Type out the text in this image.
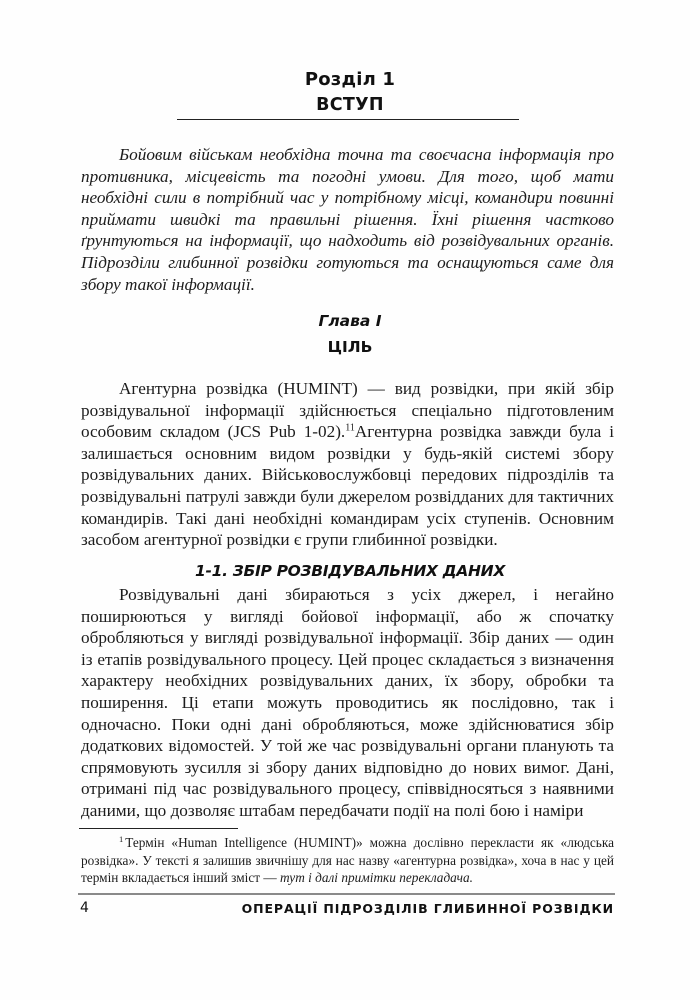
Розділ 1
ВСТУП

Бойовим військам необхідна точна та своєчасна інформація про противника, місцевість та погодні умови. Для того, щоб мати необхідні сили в потрібний час у потрібному місці, командири повинні приймати швидкі та правильні рішення. Їхні рішення частково ґрунтуються на інформації, що надходить від розвідувальних органів. Підрозділи глибинної розвідки готуються та оснащуються саме для збору такої інформації.

Глава I
ЦІЛЬ

Агентурна розвідка (HUMINT) — вид розвідки, при якій збір розвідувальної інформації здійснюється спеціально підготовленим особовим складом (JCS Pub 1-02).$^{11}$Агентурна розвідка завжди була і залишається основним видом розвідки у будь-якій системі збору розвідувальних даних. Військовослужбовці передових підрозділів та розвідувальні патрулі завжди були джерелом розвідданих для тактичних командирів. Такі дані необхідні командирам усіх ступенів. Основним засобом агентурної розвідки є групи глибинної розвідки.

1-1. ЗБІР РОЗВІДУВАЛЬНИХ ДАНИХ

Розвідувальні дані збираються з усіх джерел, і негайно поширюються у вигляді бойової інформації, або ж спочатку обробляються у вигляді розвідувальної інформації. Збір даних — один із етапів розвідувального процесу. Цей процес складається з визначення характеру необхідних розвідувальних даних, їх збору, обробки та поширення. Ці етапи можуть проводитись як послідовно, так і одночасно. Поки одні дані обробляються, може здійснюватися збір додаткових відомостей. У той же час розвідувальні органи планують та спрямовують зусилля зі збору даних відповідно до нових вимог. Дані, отримані під час розвідувального процесу, співвідносяться з наявними даними, що дозволяє штабам передбачати події на полі бою і наміри

$^1$ Термін «Human Intelligence (HUMINT)» можна дослівно перекласти як «людська розвідка». У тексті я залишив звичнішу для нас назву «агентурна розвідка», хоча в нас у цей термін вкладається інший зміст — тут і далі примітки перекладача.

4	ОПЕРАЦІЇ ПІДРОЗДІЛІВ ГЛИБИННОЇ РОЗВІДКИ
